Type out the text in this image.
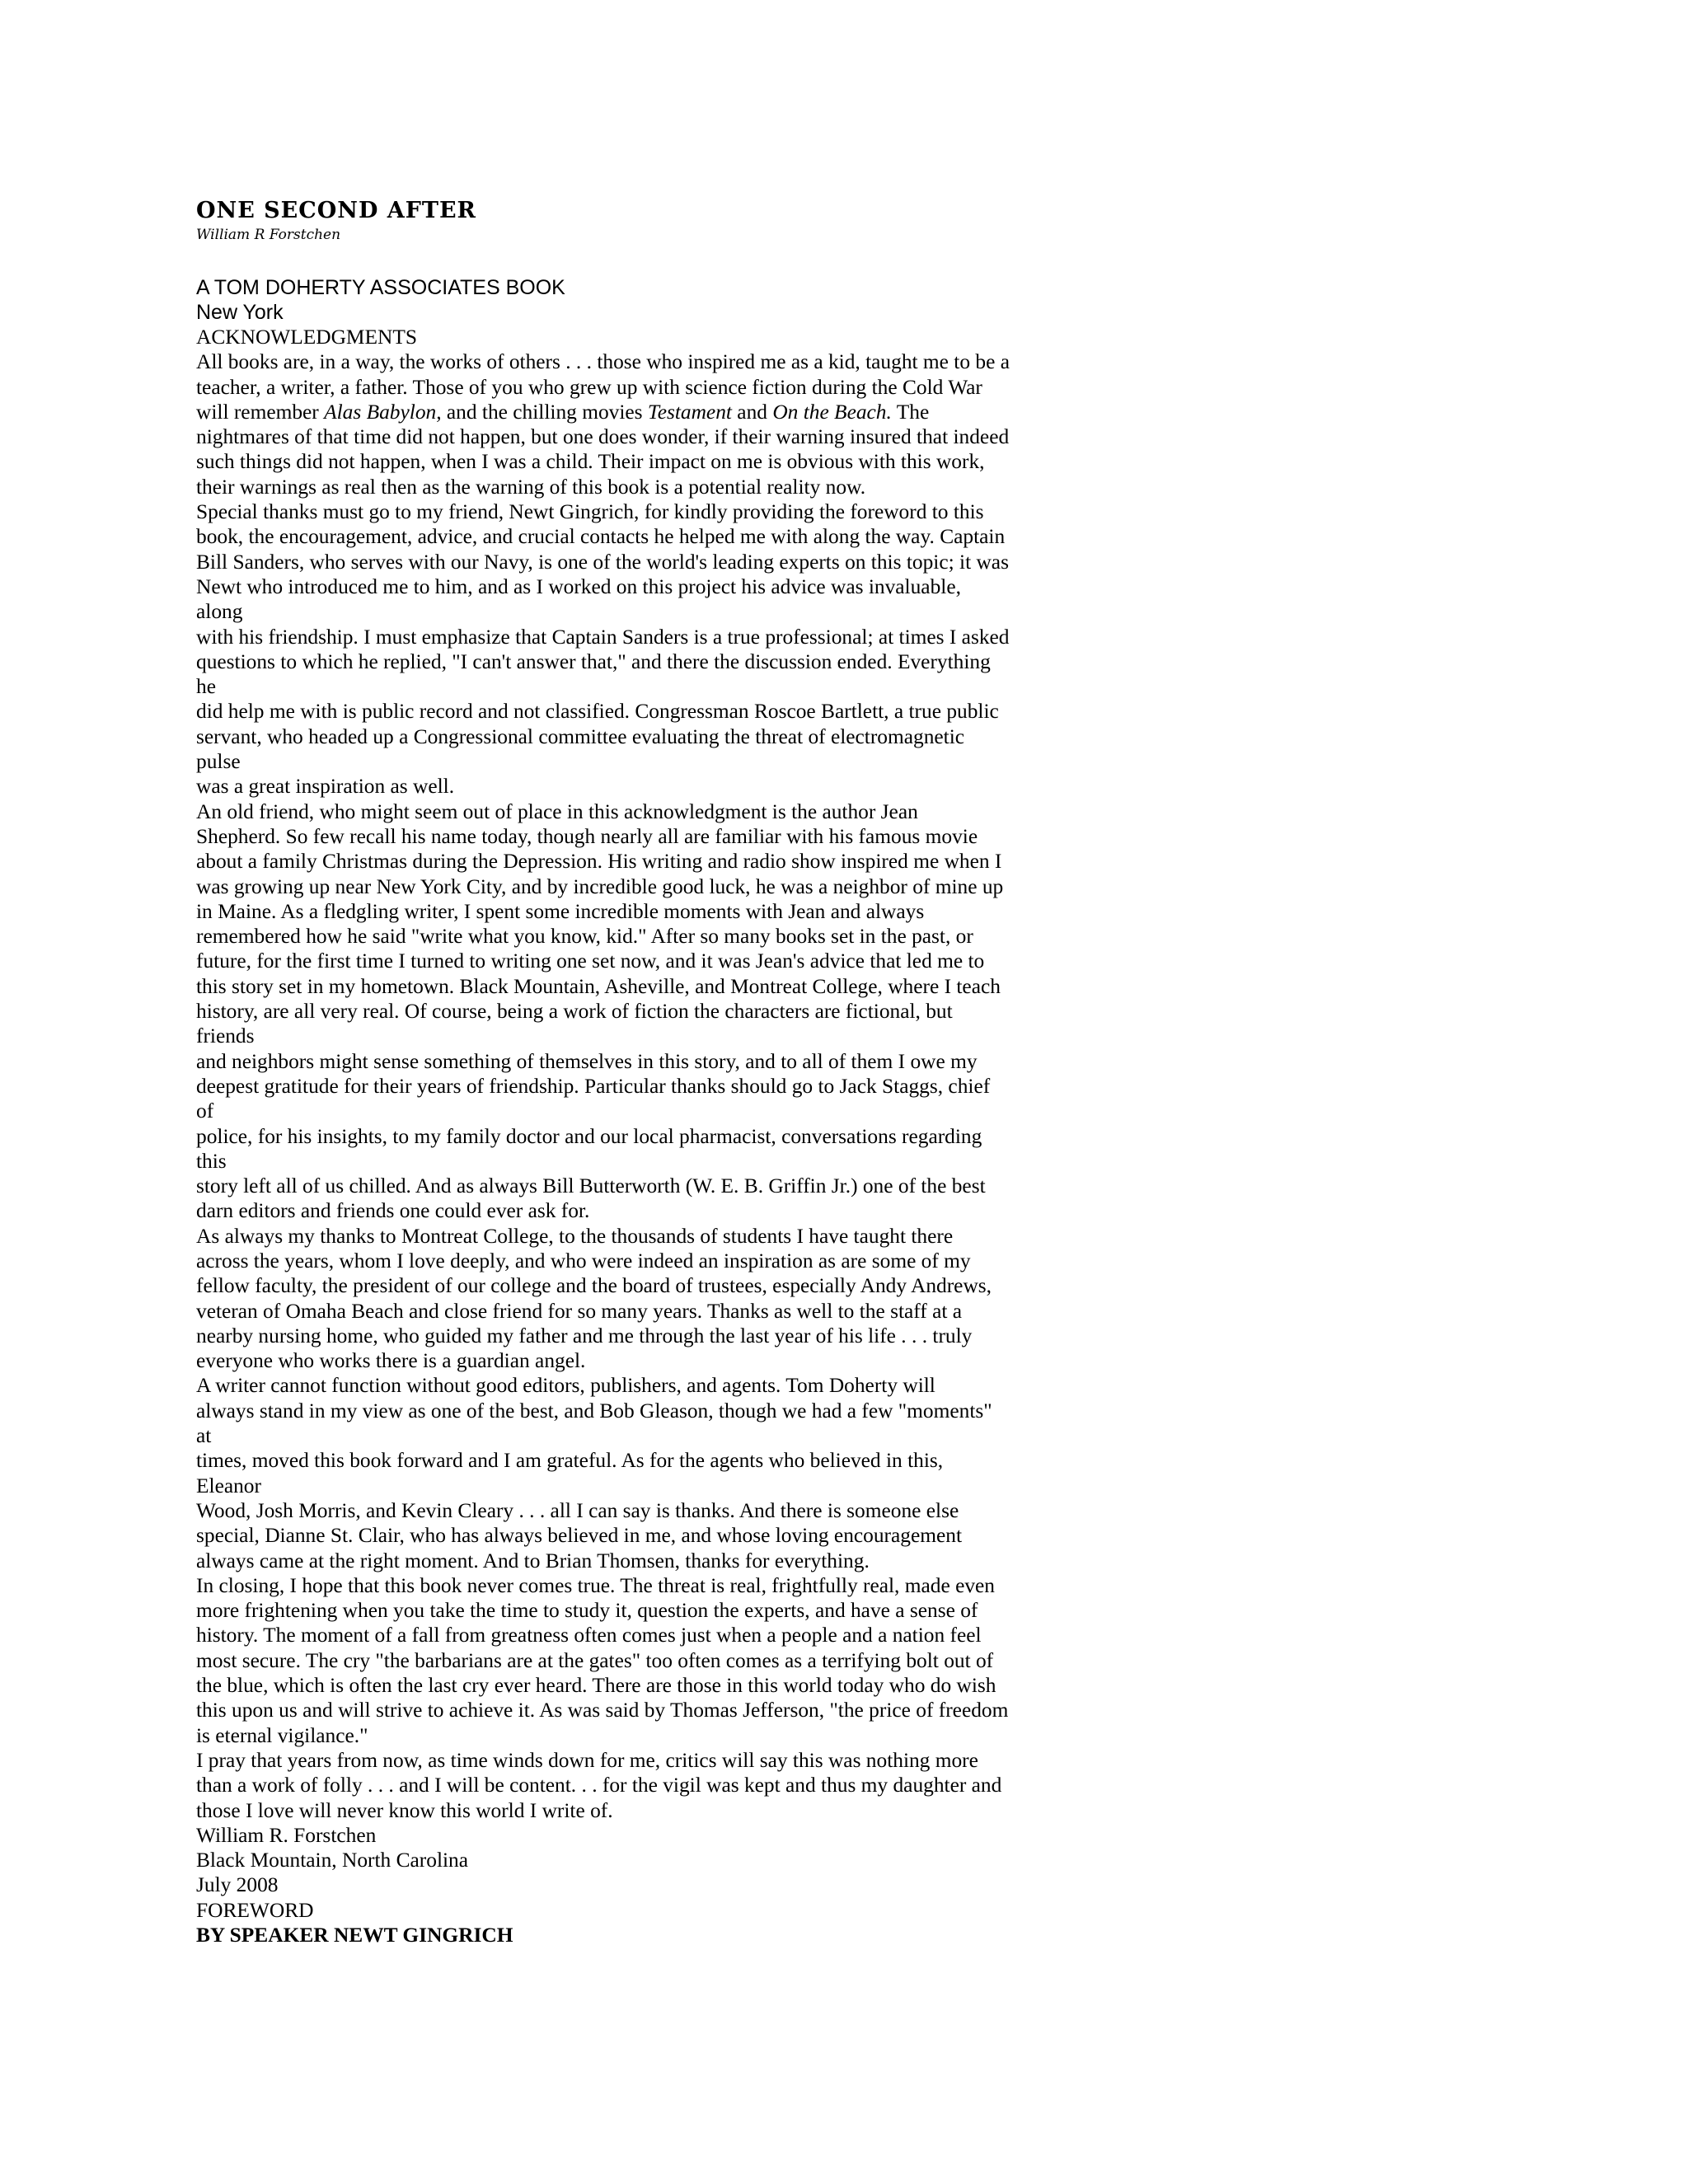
ONE SECOND AFTER
William R Forstchen
A TOM DOHERTY ASSOCIATES BOOK
New York
ACKNOWLEDGMENTS
All books are, in a way, the works of others . . . those who inspired me as a kid, taught me to be a
teacher, a writer, a father. Those of you who grew up with science fiction during the Cold War
will remember Alas Babylon, and the chilling movies Testament and On the Beach. The
nightmares of that time did not happen, but one does wonder, if their warning insured that indeed
such things did not happen, when I was a child. Their impact on me is obvious with this work,
their warnings as real then as the warning of this book is a potential reality now.
Special thanks must go to my friend, Newt Gingrich, for kindly providing the foreword to this
book, the encouragement, advice, and crucial contacts he helped me with along the way. Captain
Bill Sanders, who serves with our Navy, is one of the world's leading experts on this topic; it was
Newt who introduced me to him, and as I worked on this project his advice was invaluable,
along
with his friendship. I must emphasize that Captain Sanders is a true professional; at times I asked
questions to which he replied, "I can't answer that," and there the discussion ended. Everything
he
did help me with is public record and not classified. Congressman Roscoe Bartlett, a true public
servant, who headed up a Congressional committee evaluating the threat of electromagnetic
pulse
was a great inspiration as well.
An old friend, who might seem out of place in this acknowledgment is the author Jean
Shepherd. So few recall his name today, though nearly all are familiar with his famous movie
about a family Christmas during the Depression. His writing and radio show inspired me when I
was growing up near New York City, and by incredible good luck, he was a neighbor of mine up
in Maine. As a fledgling writer, I spent some incredible moments with Jean and always
remembered how he said "write what you know, kid." After so many books set in the past, or
future, for the first time I turned to writing one set now, and it was Jean's advice that led me to
this story set in my hometown. Black Mountain, Asheville, and Montreat College, where I teach
history, are all very real. Of course, being a work of fiction the characters are fictional, but
friends
and neighbors might sense something of themselves in this story, and to all of them I owe my
deepest gratitude for their years of friendship. Particular thanks should go to Jack Staggs, chief
of
police, for his insights, to my family doctor and our local pharmacist, conversations regarding
this
story left all of us chilled. And as always Bill Butterworth (W. E. B. Griffin Jr.) one of the best
darn editors and friends one could ever ask for.
As always my thanks to Montreat College, to the thousands of students I have taught there
across the years, whom I love deeply, and who were indeed an inspiration as are some of my
fellow faculty, the president of our college and the board of trustees, especially Andy Andrews,
veteran of Omaha Beach and close friend for so many years. Thanks as well to the staff at a
nearby nursing home, who guided my father and me through the last year of his life . . . truly
everyone who works there is a guardian angel.
A writer cannot function without good editors, publishers, and agents. Tom Doherty will
always stand in my view as one of the best, and Bob Gleason, though we had a few "moments"
at
times, moved this book forward and I am grateful. As for the agents who believed in this,
Eleanor
Wood, Josh Morris, and Kevin Cleary . . . all I can say is thanks. And there is someone else
special, Dianne St. Clair, who has always believed in me, and whose loving encouragement
always came at the right moment. And to Brian Thomsen, thanks for everything.
In closing, I hope that this book never comes true. The threat is real, frightfully real, made even
more frightening when you take the time to study it, question the experts, and have a sense of
history. The moment of a fall from greatness often comes just when a people and a nation feel
most secure. The cry "the barbarians are at the gates" too often comes as a terrifying bolt out of
the blue, which is often the last cry ever heard. There are those in this world today who do wish
this upon us and will strive to achieve it. As was said by Thomas Jefferson, "the price of freedom
is eternal vigilance."
I pray that years from now, as time winds down for me, critics will say this was nothing more
than a work of folly . . . and I will be content. . . for the vigil was kept and thus my daughter and
those I love will never know this world I write of.
William R. Forstchen
Black Mountain, North Carolina
July 2008
FOREWORD
BY SPEAKER NEWT GINGRICH
